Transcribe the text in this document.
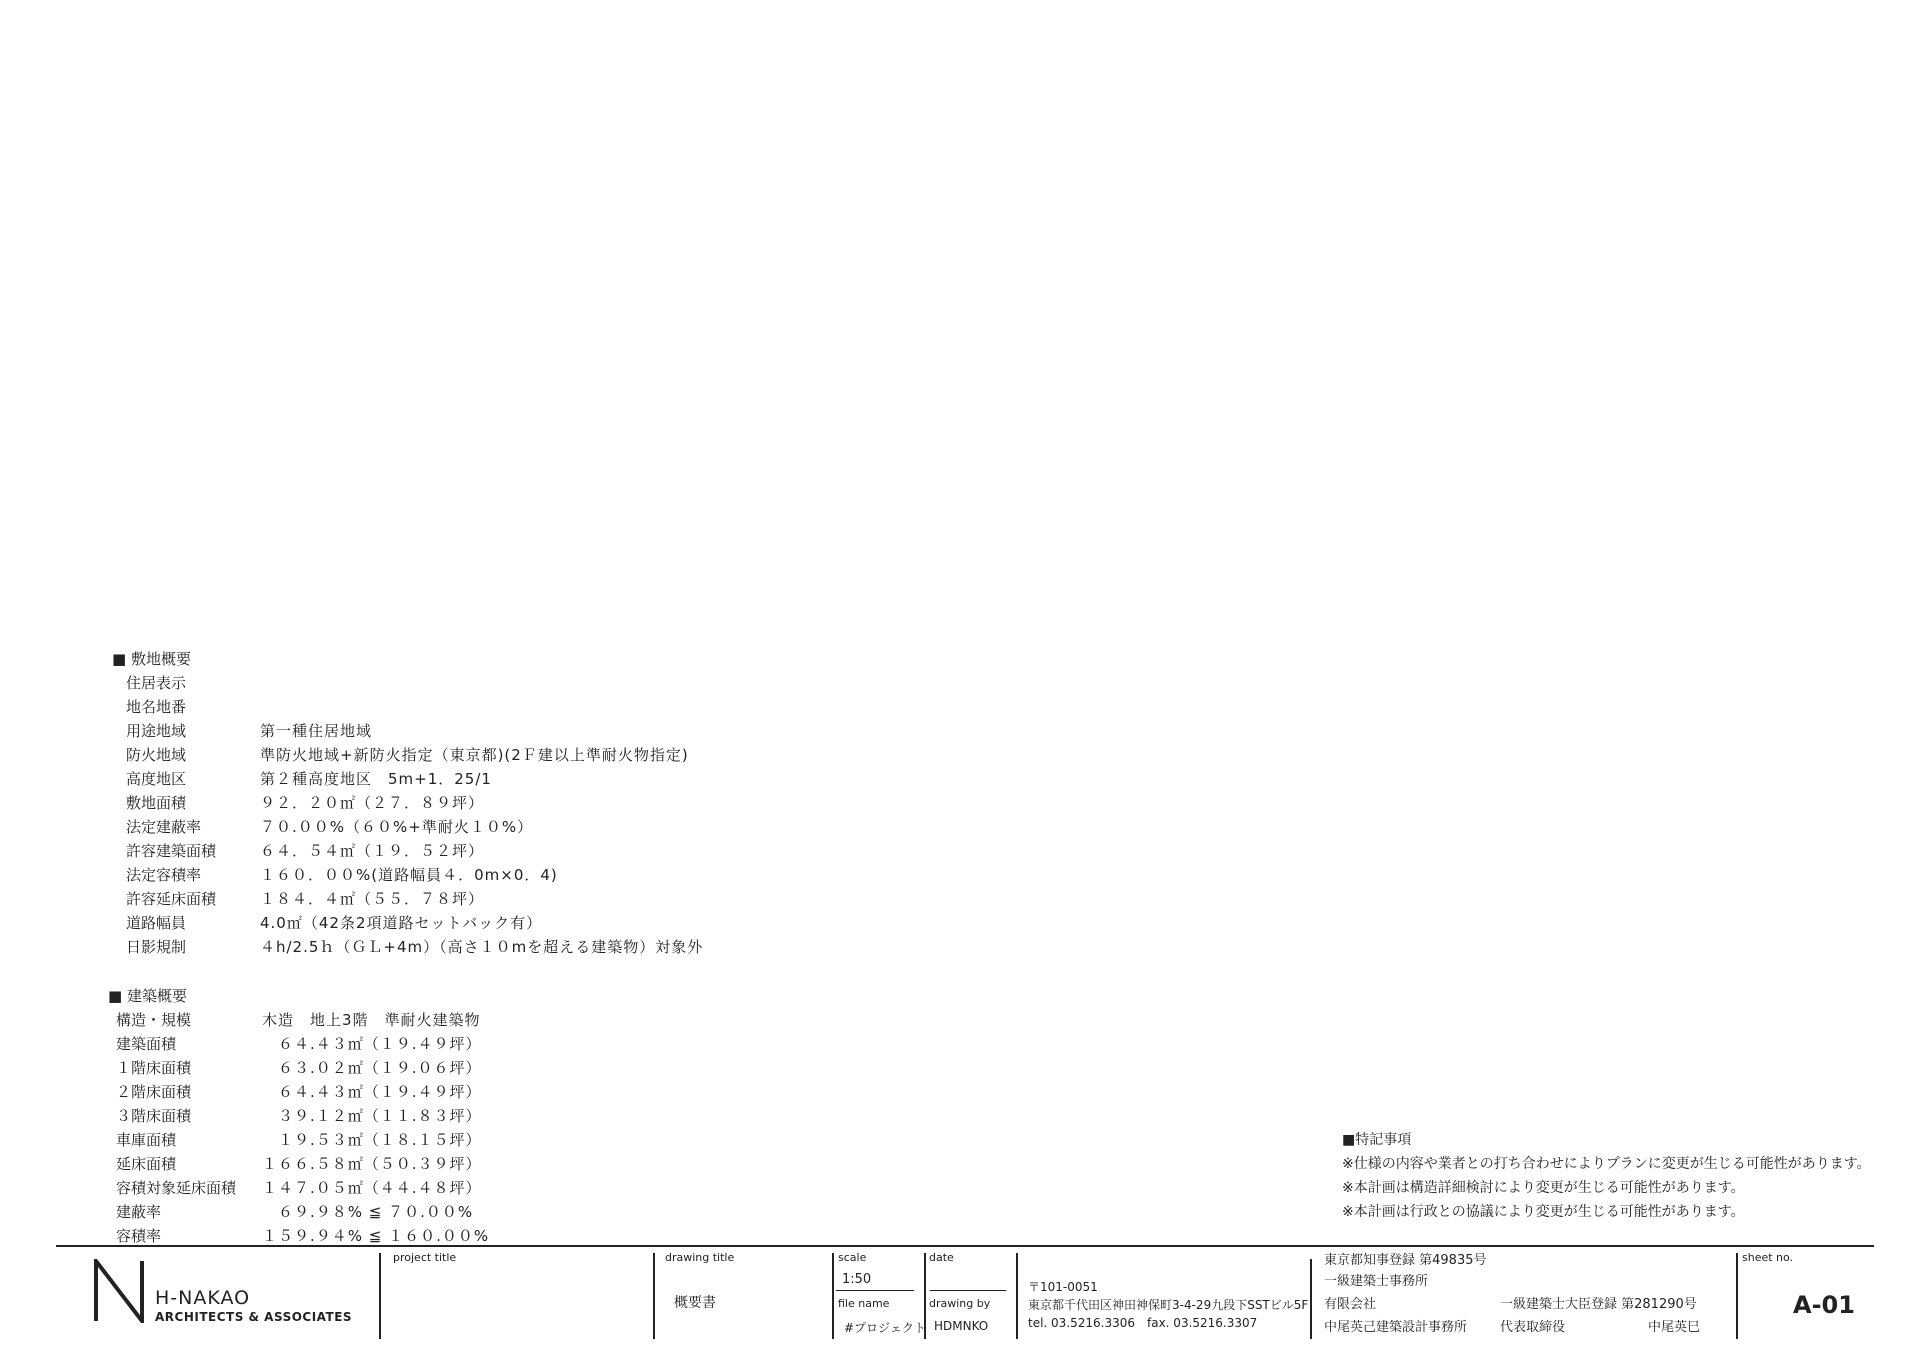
■ 敷地概要
住居表示
地名地番
用途地域	第一種住居地域
防火地域	準防火地域+新防火指定（東京都)(2Ｆ建以上準耐火物指定)
高度地区	第２種高度地区　5m+1．25/1
敷地面積	９２．２０㎡（２７．８９坪）
法定建蔽率	７０.００%（６０%+準耐火１０%）
許容建築面積	６４．５４㎡（１９．５２坪）
法定容積率	１６０．００%(道路幅員４．0m×0．4)
許容延床面積	１８４．４㎡（５５．７８坪）
道路幅員	4.0㎡（42条2項道路セットバック有）
日影規制	４h/2.5ｈ（ＧＬ+4m）（高さ１０mを超える建築物）対象外
■ 建築概要
構造・規模	木造　地上3階　準耐火建築物
建築面積	　６４.４３㎡（１９.４９坪）
１階床面積	　６３.０２㎡（１９.０６坪）
２階床面積	　６４.４３㎡（１９.４９坪）
３階床面積	　３９.１２㎡（１１.８３坪）
車庫面積	　１９.５３㎡（１８.１５坪）
延床面積	１６６.５８㎡（５０.３９坪）
容積対象延床面積	１４７.０５㎡（４４.４８坪）
建蔽率	　６９.９８% ≦ ７０.００%
容積率	１５９.９４% ≦ １６０.００%
■特記事項
※仕様の内容や業者との打ち合わせによりプランに変更が生じる可能性があります。
※本計画は構造詳細検討により変更が生じる可能性があります。
※本計画は行政との協議により変更が生じる可能性があります。
H-NAKAO
ARCHITECTS & ASSOCIATES
project title	drawing title
概要書
scale
1:50
file name
#プロジェクト
date
drawing by
HDMNKO
〒101-0051
東京都千代田区神田神保町3-4-29九段下SSTビル5F
tel. 03.5216.3306 fax. 03.5216.3307
東京都知事登録 第49835号
一級建築士事務所
有限会社
中尾英己建築設計事務所
一級建築士大臣登録 第281290号
代表取締役	中尾英巳
sheet no.
A-01
